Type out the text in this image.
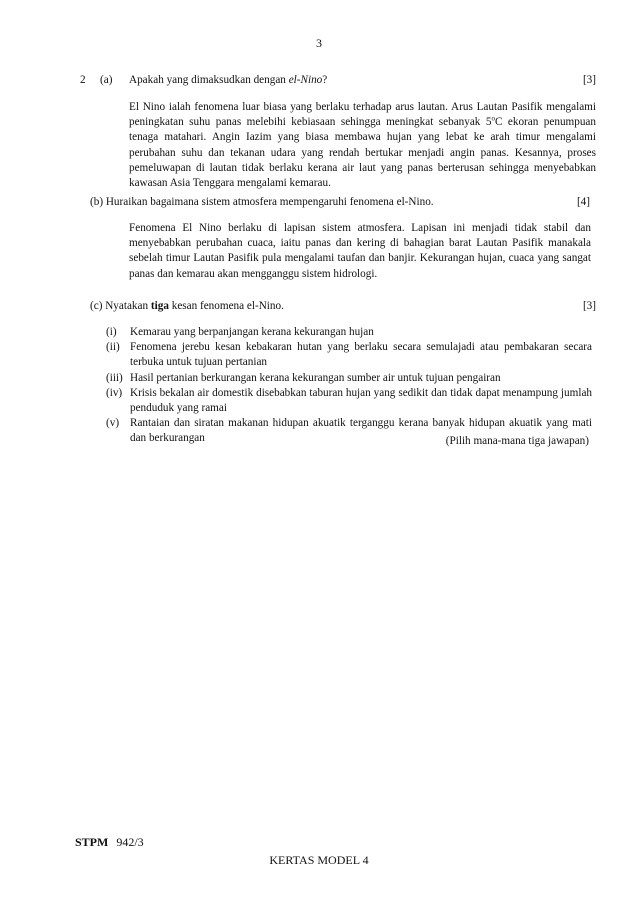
3
2 (a) Apakah yang dimaksudkan dengan el-Nino?	[3]
El Nino ialah fenomena luar biasa yang berlaku terhadap arus lautan. Arus Lautan Pasifik mengalami peningkatan suhu panas melebihi kebiasaan sehingga meningkat sebanyak 5$^o$C ekoran penumpuan tenaga matahari. Angin Iazim yang biasa membawa hujan yang lebat ke arah timur mengalami perubahan suhu dan tekanan udara yang rendah bertukar menjadi angin panas. Kesannya, proses pemeluwapan di lautan tidak berlaku kerana air laut yang panas berterusan sehingga menyebabkan kawasan Asia Tenggara mengalami kemarau.
(b) Huraikan bagaimana sistem atmosfera mempengaruhi fenomena el-Nino.	[4]
Fenomena El Nino berlaku di lapisan sistem atmosfera. Lapisan ini menjadi tidak stabil dan menyebabkan perubahan cuaca, iaitu panas dan kering di bahagian barat Lautan Pasifik manakala sebelah timur Lautan Pasifik pula mengalami taufan dan banjir. Kekurangan hujan, cuaca yang sangat panas dan kemarau akan mengganggu sistem hidrologi.
(c) Nyatakan tiga kesan fenomena el-Nino.	[3]
(i) Kemarau yang berpanjangan kerana kekurangan hujan
(ii) Fenomena jerebu kesan kebakaran hutan yang berlaku secara semulajadi atau pembakaran secara terbuka untuk tujuan pertanian
(iii) Hasil pertanian berkurangan kerana kekurangan sumber air untuk tujuan pengairan
(iv) Krisis bekalan air domestik disebabkan taburan hujan yang sedikit dan tidak dapat menampung jumlah penduduk yang ramai
(v) Rantaian dan siratan makanan hidupan akuatik terganggu kerana banyak hidupan akuatik yang mati dan berkurangan	(Pilih mana-mana tiga jawapan)
STPM 942/3
KERTAS MODEL 4
